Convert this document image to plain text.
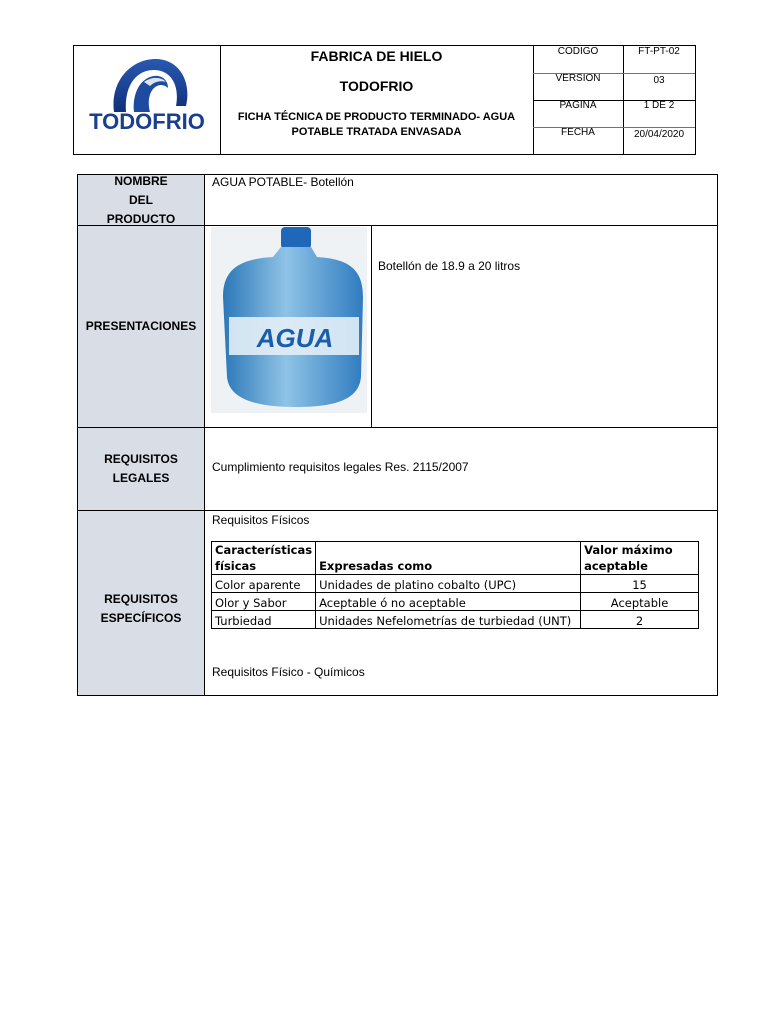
TODOFRIO
FABRICA DE HIELO
TODOFRIO
FICHA TÉCNICA DE PRODUCTO TERMINADO- AGUA POTABLE TRATADA ENVASADA
CODIGO	FT-PT-02
VERSION	03
PAGINA	1 DE 2
FECHA	20/04/2020
NOMBRE DEL PRODUCTO
AGUA POTABLE- Botellón
PRESENTACIONES AGUA
Botellón de 18.9 a 20 litros
REQUISITOS LEGALES
Cumplimiento requisitos legales Res. 2115/2007
REQUISITOS ESPECÍFICOS
Requisitos Físicos
Características físicas	Expresadas como	Valor máximo aceptable
Color aparente	Unidades de platino cobalto (UPC)	15
Olor y Sabor	Aceptable ó no aceptable	Aceptable
Turbiedad	Unidades Nefelometrías de turbiedad (UNT)	2
Requisitos Físico - Químicos
